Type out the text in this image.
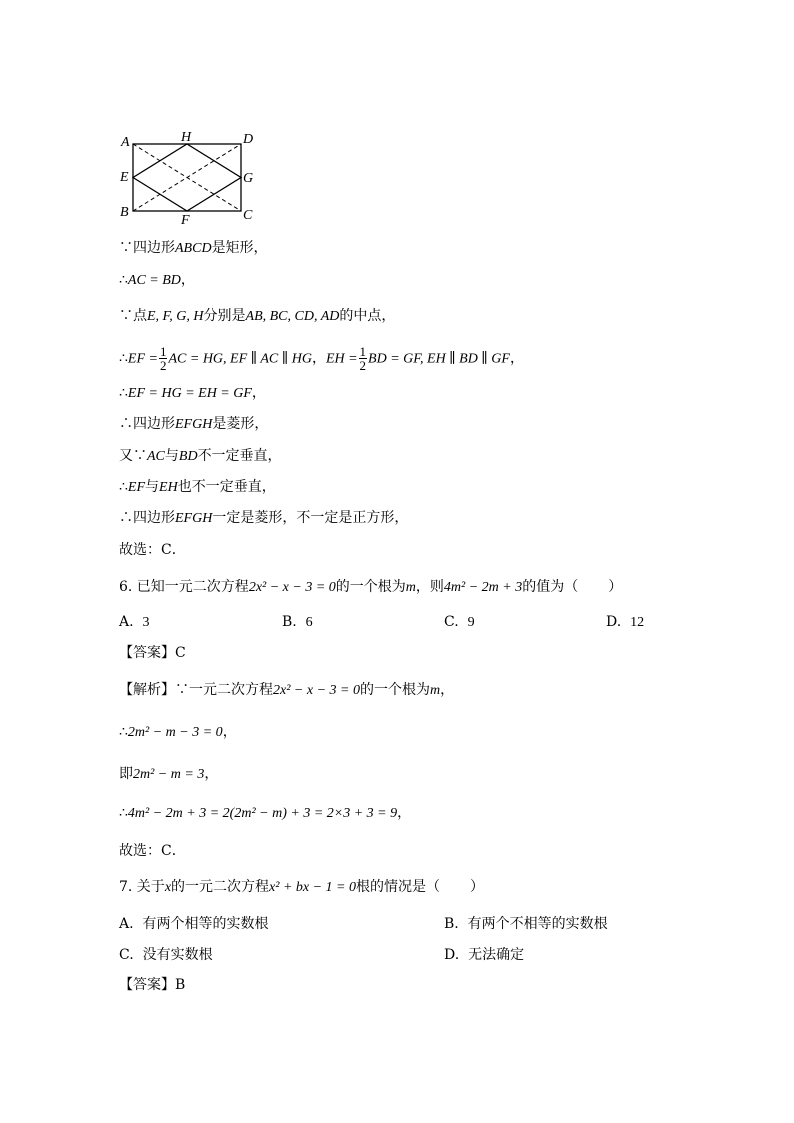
A	H	D
E	G
B
F	C
∵四边形ABCD是矩形，
∴AC = BD，
∵点E, F, G, H分别是AB, BC, CD, AD的中点，
∴EF = $\frac{1}{2}$ AC = HG, EF ∥ AC ∥ HG，EH = $\frac{1}{2}$ BD = GF, EH ∥ BD ∥ GF，
∴EF = HG = EH = GF，
∴四边形EFGH是菱形，
又∵AC与BD不一定垂直，
∴EF与EH也不一定垂直，
∴四边形EFGH一定是菱形，不一定是正方形，
故选：C．
6. 已知一元二次方程2x² − x − 3 = 0的一个根为m，则4m² − 2m + 3的值为（ ）
A. 3	B. 6	C. 9	D. 12
【答案】C
【解析】∵一元二次方程2x² − x − 3 = 0的一个根为m，
∴2m² − m − 3 = 0，
即2m² − m = 3，
∴4m² − 2m + 3 = 2(2m² − m) + 3 = 2×3 + 3 = 9，
故选：C．
7. 关于x的一元二次方程x² + bx − 1 = 0根的情况是（ ）
A. 有两个相等的实数根	B. 有两个不相等的实数根
C. 没有实数根	D. 无法确定
【答案】B
